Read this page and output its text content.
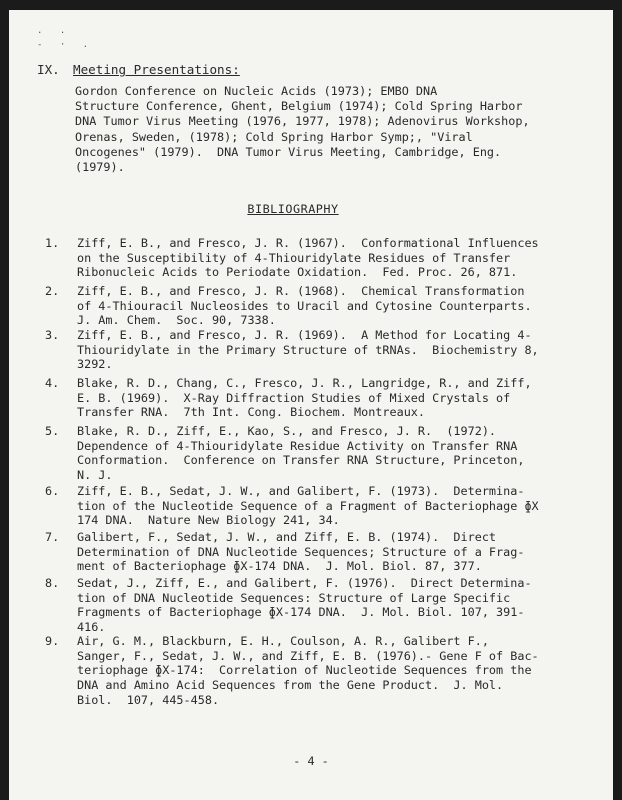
. .
- · .
IX. Meeting Presentations:
Gordon Conference on Nucleic Acids (1973); EMBO DNA
Structure Conference, Ghent, Belgium (1974); Cold Spring Harbor
DNA Tumor Virus Meeting (1976, 1977, 1978); Adenovirus Workshop,
Orenas, Sweden, (1978); Cold Spring Harbor Symp;, "Viral
Oncogenes" (1979).  DNA Tumor Virus Meeting, Cambridge, Eng.
(1979).
BIBLIOGRAPHY
1.	Ziff, E. B., and Fresco, J. R. (1967).  Conformational Influences
on the Susceptibility of 4-Thiouridylate Residues of Transfer
Ribonucleic Acids to Periodate Oxidation.  Fed. Proc. 26, 871.
2.	Ziff, E. B., and Fresco, J. R. (1968).  Chemical Transformation
of 4-Thiouracil Nucleosides to Uracil and Cytosine Counterparts.
J. Am. Chem.  Soc. 90, 7338.
3.	Ziff, E. B., and Fresco, J. R. (1969).  A Method for Locating 4-
Thiouridylate in the Primary Structure of tRNAs.  Biochemistry 8,
3292.
4.	Blake, R. D., Chang, C., Fresco, J. R., Langridge, R., and Ziff,
E. B. (1969).  X-Ray Diffraction Studies of Mixed Crystals of
Transfer RNA.  7th Int. Cong. Biochem. Montreaux.
5.	Blake, R. D., Ziff, E., Kao, S., and Fresco, J. R.  (1972).
Dependence of 4-Thiouridylate Residue Activity on Transfer RNA
Conformation.  Conference on Transfer RNA Structure, Princeton,
N. J.
6.	Ziff, E. B., Sedat, J. W., and Galibert, F. (1973).  Determina-
tion of the Nucleotide Sequence of a Fragment of Bacteriophage ɸX
174 DNA.  Nature New Biology 241, 34.
7.	Galibert, F., Sedat, J. W., and Ziff, E. B. (1974).  Direct
Determination of DNA Nucleotide Sequences; Structure of a Frag-
ment of Bacteriophage ɸX-174 DNA.  J. Mol. Biol. 87, 377.
8.	Sedat, J., Ziff, E., and Galibert, F. (1976).  Direct Determina-
tion of DNA Nucleotide Sequences: Structure of Large Specific
Fragments of Bacteriophage ɸX-174 DNA.  J. Mol. Biol. 107, 391-
416.
9.	Air, G. M., Blackburn, E. H., Coulson, A. R., Galibert F.,
Sanger, F., Sedat, J. W., and Ziff, E. B. (1976).- Gene F of Bac-
teriophage ɸX-174:  Correlation of Nucleotide Sequences from the
DNA and Amino Acid Sequences from the Gene Product.  J. Mol.
Biol.  107, 445-458.
- 4 -
